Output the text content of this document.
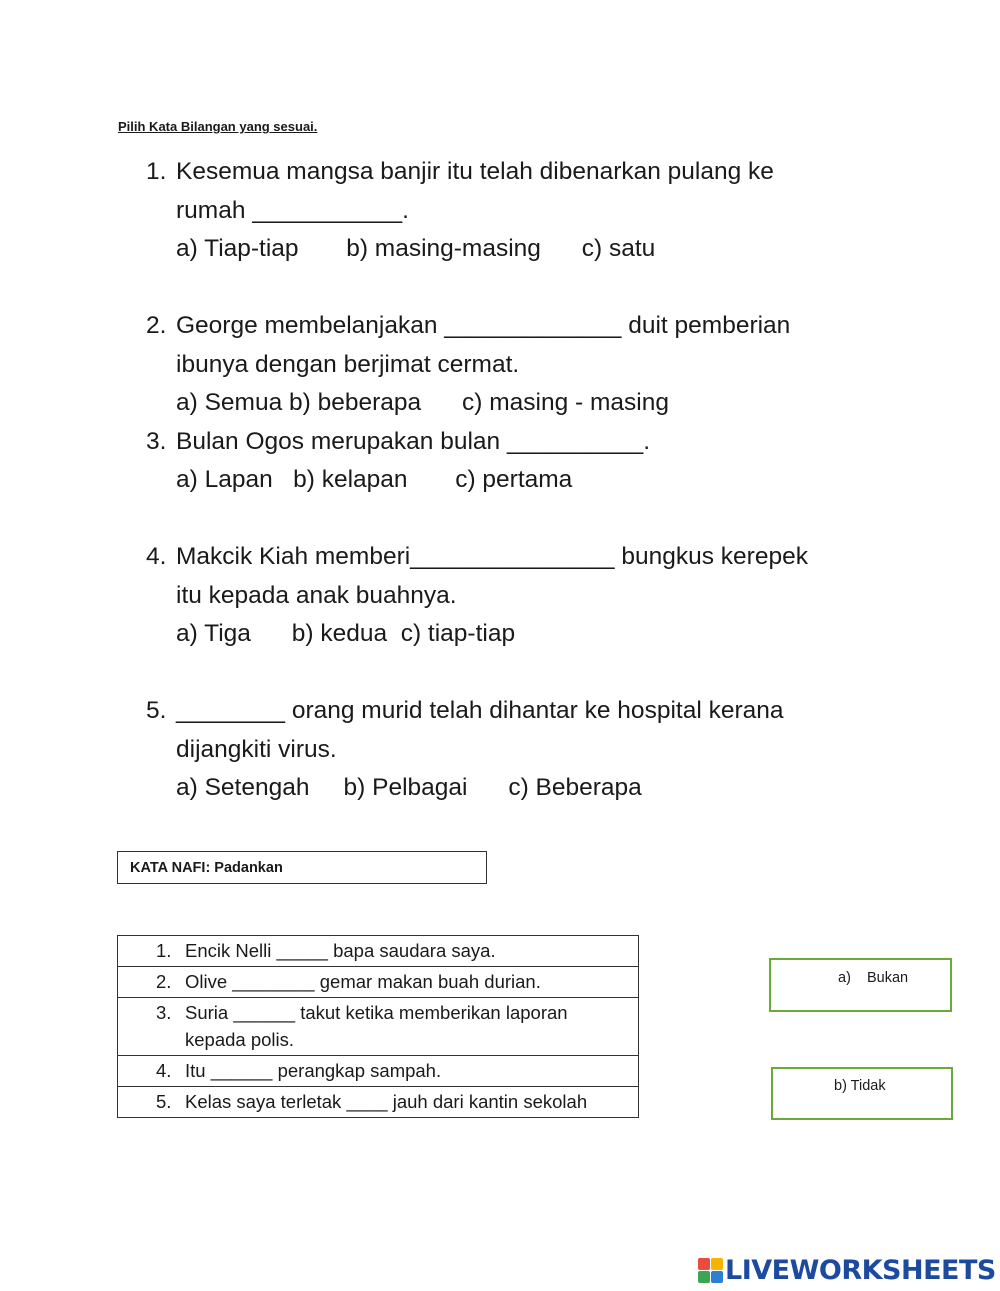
Pilih Kata Bilangan yang sesuai.
1. Kesemua mangsa banjir itu telah dibenarkan pulang ke
rumah ___________.
a) Tiap-tiap       b) masing-masing      c) satu
2. George membelanjakan _____________ duit pemberian
ibunya dengan berjimat cermat.
a) Semua b) beberapa      c) masing - masing
3. Bulan Ogos merupakan bulan __________.
a) Lapan   b) kelapan       c) pertama
4. Makcik Kiah memberi_______________ bungkus kerepek
itu kepada anak buahnya.
a) Tiga      b) kedua  c) tiap-tiap
5. ________ orang murid telah dihantar ke hospital kerana
dijangkiti virus.
a) Setengah     b) Pelbagai      c) Beberapa
KATA NAFI: Padankan
1. Encik Nelli _____ bapa saudara saya.

2. Olive ________ gemar makan buah durian.

3. Suria ______ takut ketika memberikan laporan kepada polis.

4. Itu ______ perangkap sampah.

5. Kelas saya terletak ____ jauh dari kantin sekolah
a)    Bukan
b) Tidak
LIVEWORKSHEETS
